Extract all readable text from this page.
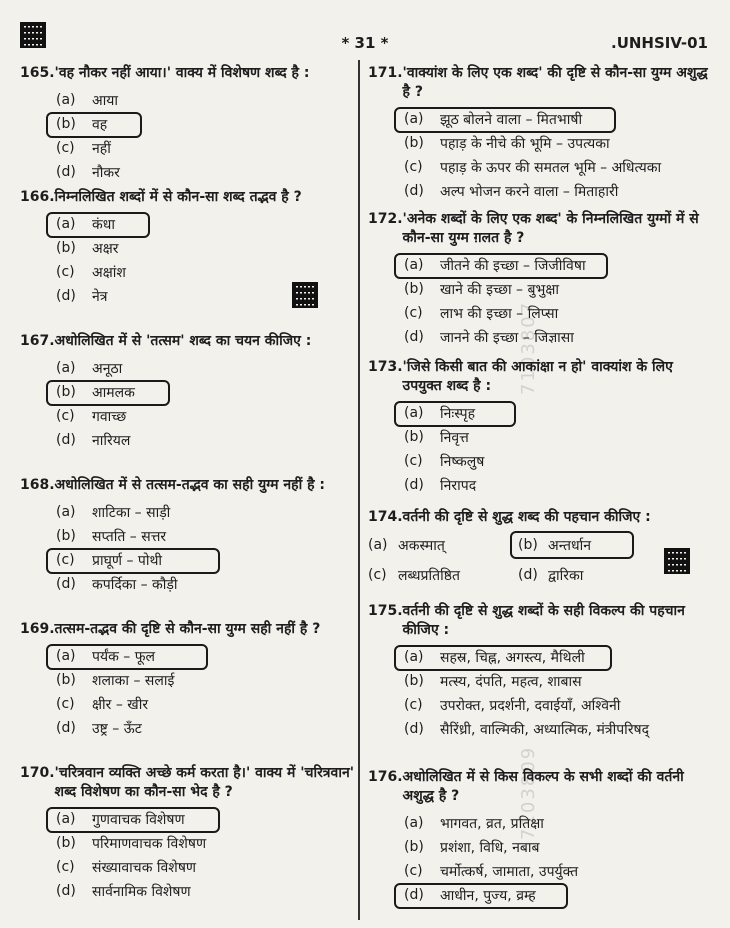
* 31 *	.UNHSIV-01
7103807
7103809
165. 'वह नौकर नहीं आया।' वाक्य में विशेषण शब्द है :
(a)	आया
(b)	वह
(c)	नहीं
(d)	नौकर
166. निम्नलिखित शब्दों में से कौन-सा शब्द तद्भव है ?
(a)	कंधा
(b)	अक्षर
(c)	अक्षांश
(d)	नेत्र
167. अधोलिखित में से 'तत्सम' शब्द का चयन कीजिए :
(a)	अनूठा
(b)	आमलक
(c)	गवाच्छ
(d)	नारियल
168. अधोलिखित में से तत्सम-तद्भव का सही युग्म नहीं है :
(a)	शाटिका – साड़ी
(b)	सप्तति – सत्तर
(c)	प्राघूर्ण – पोथी
(d)	कपर्दिका – कौड़ी
169. तत्सम-तद्भव की दृष्टि से कौन-सा युग्म सही नहीं है ?
(a)	पर्यंक – फूल
(b)	शलाका – सलाई
(c)	क्षीर – खीर
(d)	उष्ट्र – ऊँट
170. 'चरित्रवान व्यक्ति अच्छे कर्म करता है।' वाक्य में 'चरित्रवान' शब्द विशेषण का कौन-सा भेद है ?
(a)	गुणवाचक विशेषण
(b)	परिमाणवाचक विशेषण
(c)	संख्यावाचक विशेषण
(d)	सार्वनामिक विशेषण
171. 'वाक्यांश के लिए एक शब्द' की दृष्टि से कौन-सा युग्म अशुद्ध है ?
(a)	झूठ बोलने वाला – मितभाषी
(b)	पहाड़ के नीचे की भूमि – उपत्यका
(c)	पहाड़ के ऊपर की समतल भूमि – अधित्यका
(d)	अल्प भोजन करने वाला – मिताहारी
172. 'अनेक शब्दों के लिए एक शब्द' के निम्नलिखित युग्मों में से कौन-सा युग्म ग़लत है ?
(a)	जीतने की इच्छा – जिजीविषा
(b)	खाने की इच्छा – बुभुक्षा
(c)	लाभ की इच्छा – लिप्सा
(d)	जानने की इच्छा – जिज्ञासा
173. 'जिसे किसी बात की आकांक्षा न हो' वाक्यांश के लिए उपयुक्त शब्द है :
(a)	निःस्पृह
(b)	निवृत्त
(c)	निष्कलुष
(d)	निरापद
174. वर्तनी की दृष्टि से शुद्ध शब्द की पहचान कीजिए :
(a) अकस्मात्	(b) अन्तर्धान
(c) लब्धप्रतिष्ठित	(d) द्वारिका
175. वर्तनी की दृष्टि से शुद्ध शब्दों के सही विकल्प की पहचान कीजिए :
(a)	सहस्र, चिह्न, अगस्त्य, मैथिली
(b)	मत्स्य, दंपति, महत्व, शाबास
(c)	उपरोक्त, प्रदर्शनी, दवाईयाँ, अश्विनी
(d)	सैरिंध्री, वाल्मिकी, अध्यात्मिक, मंत्रीपरिषद्
176. अधोलिखित में से किस विकल्प के सभी शब्दों की वर्तनी अशुद्ध है ?
(a)	भागवत, व्रत, प्रतिक्षा
(b)	प्रशंशा, विधि, नबाब
(c)	चर्मोत्कर्ष, जामाता, उपर्युक्त
(d)	आधीन, पुज्य, व्रम्ह
